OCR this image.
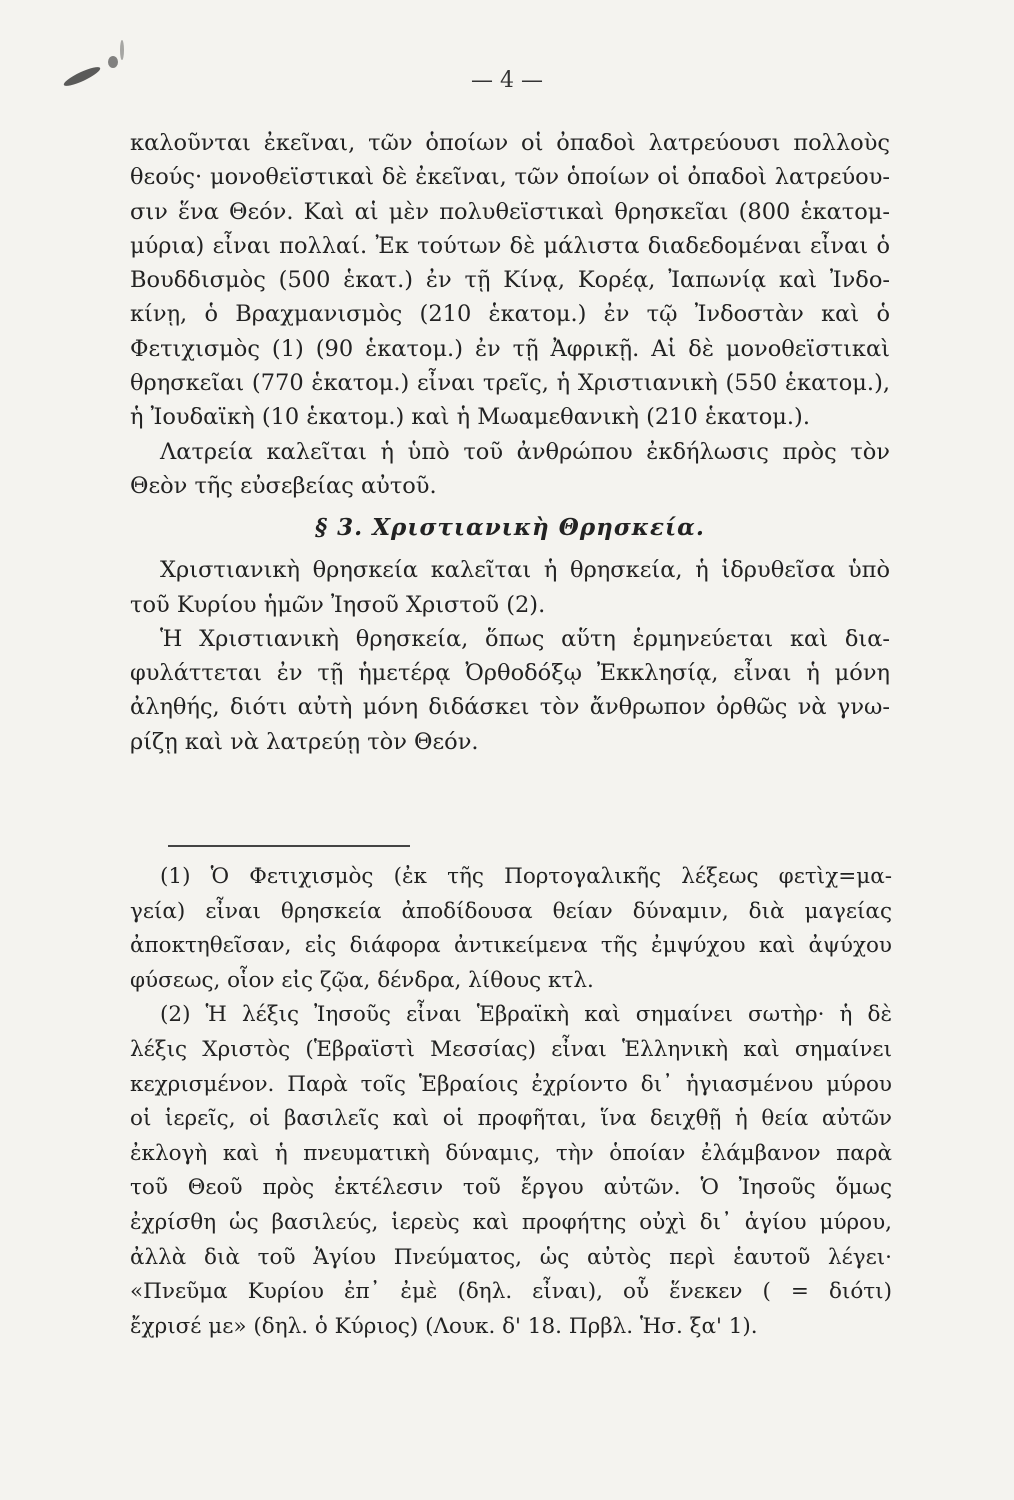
— 4 —
καλοῦνται ἐκεῖναι, τῶν ὁποίων οἱ ὀπαδοὶ λατρεύουσι πολλοὺς
θεούς· μονοθεϊστικαὶ δὲ ἐκεῖναι, τῶν ὁποίων οἱ ὀπαδοὶ λατρεύου-
σιν ἕνα Θεόν. Καὶ αἱ μὲν πολυθεϊστικαὶ θρησκεῖαι (800 ἑκατομ-
μύρια) εἶναι πολλαί. Ἐκ τούτων δὲ μάλιστα διαδεδομέναι εἶναι ὁ
Βουδδισμὸς (500 ἑκατ.) ἐν τῇ Κίνᾳ, Κορέᾳ, Ἰαπωνίᾳ καὶ Ἰνδο-
κίνῃ, ὁ Βραχμανισμὸς (210 ἑκατομ.) ἐν τῷ Ἰνδοστὰν καὶ ὁ
Φετιχισμὸς (1) (90 ἑκατομ.) ἐν τῇ Ἀφρικῇ. Αἱ δὲ μονοθεϊστικαὶ
θρησκεῖαι (770 ἑκατομ.) εἶναι τρεῖς, ἡ Χριστιανικὴ (550 ἑκατομ.),
ἡ Ἰουδαϊκὴ (10 ἑκατομ.) καὶ ἡ Μωαμεθανικὴ (210 ἑκατομ.).
Λατρεία καλεῖται ἡ ὑπὸ τοῦ ἀνθρώπου ἐκδήλωσις πρὸς τὸν
Θεὸν τῆς εὐσεβείας αὐτοῦ.
§ 3. Χριστιανικὴ Θρησκεία.
Χριστιανικὴ θρησκεία καλεῖται ἡ θρησκεία, ἡ ἱδρυθεῖσα ὑπὸ
τοῦ Κυρίου ἡμῶν Ἰησοῦ Χριστοῦ (2).
Ἡ Χριστιανικὴ θρησκεία, ὅπως αὕτη ἑρμηνεύεται καὶ δια-
φυλάττεται ἐν τῇ ἡμετέρᾳ Ὀρθοδόξῳ Ἐκκλησίᾳ, εἶναι ἡ μόνη
ἀληθής, διότι αὐτὴ μόνη διδάσκει τὸν ἄνθρωπον ὀρθῶς νὰ γνω-
ρίζῃ καὶ νὰ λατρεύῃ τὸν Θεόν.
(1) Ὁ Φετιχισμὸς (ἐκ τῆς Πορτογαλικῆς λέξεως φετὶχ=μα-
γεία) εἶναι θρησκεία ἀποδίδουσα θείαν δύναμιν, διὰ μαγείας
ἀποκτηθεῖσαν, εἰς διάφορα ἀντικείμενα τῆς ἐμψύχου καὶ ἀψύχου
φύσεως, οἷον εἰς ζῷα, δένδρα, λίθους κτλ.
(2) Ἡ λέξις Ἰησοῦς εἶναι Ἑβραϊκὴ καὶ σημαίνει σωτὴρ· ἡ δὲ
λέξις Χριστὸς (Ἑβραϊστὶ Μεσσίας) εἶναι Ἑλληνικὴ καὶ σημαίνει
κεχρισμένον. Παρὰ τοῖς Ἑβραίοις ἐχρίοντο δι᾽ ἡγιασμένου μύρου
οἱ ἱερεῖς, οἱ βασιλεῖς καὶ οἱ προφῆται, ἵνα δειχθῇ ἡ θεία αὐτῶν
ἐκλογὴ καὶ ἡ πνευματικὴ δύναμις, τὴν ὁποίαν ἐλάμβανον παρὰ
τοῦ Θεοῦ πρὸς ἐκτέλεσιν τοῦ ἔργου αὐτῶν. Ὁ Ἰησοῦς ὅμως
ἐχρίσθη ὡς βασιλεύς, ἱερεὺς καὶ προφήτης οὐχὶ δι᾽ ἁγίου μύρου,
ἀλλὰ διὰ τοῦ Ἁγίου Πνεύματος, ὡς αὐτὸς περὶ ἑαυτοῦ λέγει·
«Πνεῦμα Κυρίου ἐπ᾽ ἐμὲ (δηλ. εἶναι), οὗ ἕνεκεν ( = διότι)
ἔχρισέ με» (δηλ. ὁ Κύριος) (Λουκ. δ' 18. Πρβλ. Ἡσ. ξα' 1).
